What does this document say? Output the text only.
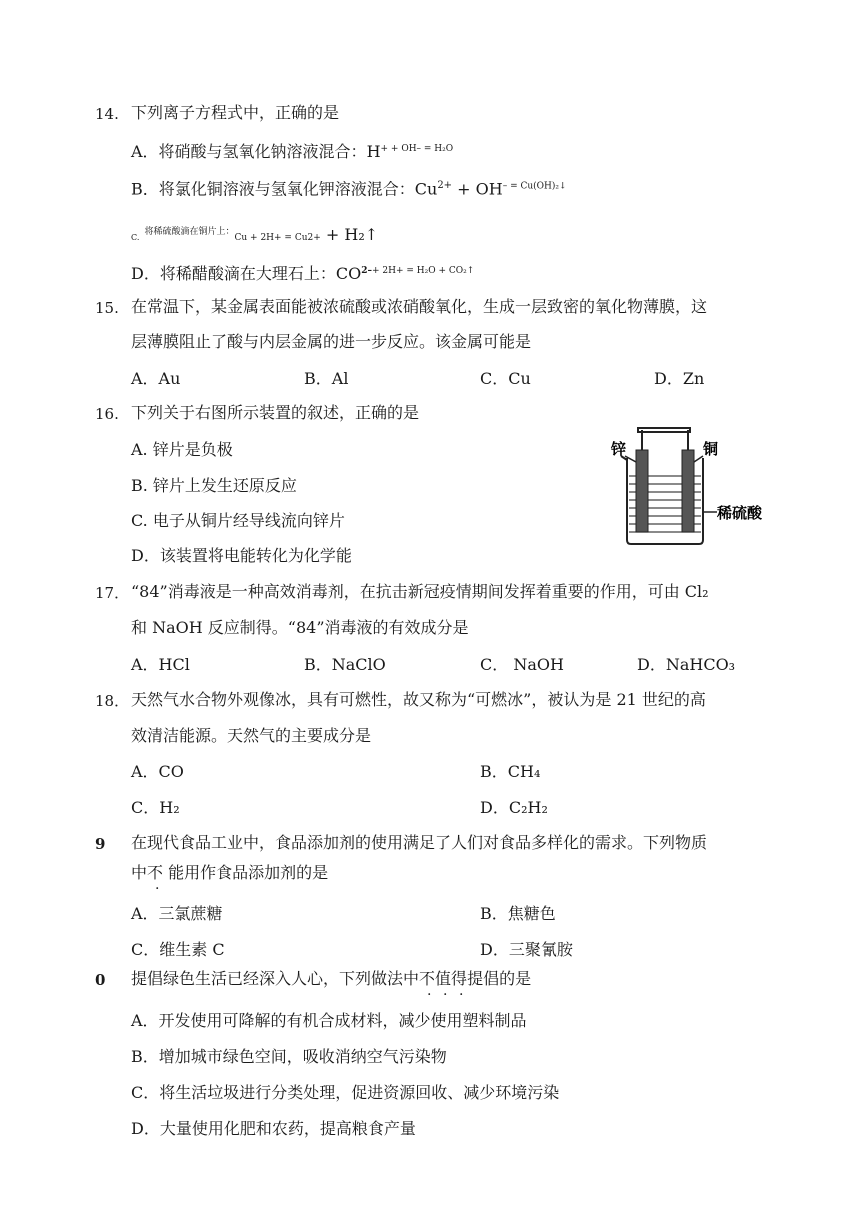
14. 下列离子方程式中，正确的是
A．将硝酸与氢氧化钠溶液混合：$H^{+ + OH- = H_2O}$
B．将氯化铜溶液与氢氧化钾溶液混合：$Cu^{2+} + OH^{- = Cu(OH)_2↓}$
C. $^{将稀硫酸滴在铜片上:}$Cu + 2H+ = Cu2+ + H₂↑
D．将稀醋酸滴在大理石上：$CO^{2-+ 2H+ = H_2O + CO_2↑}$
15. 在常温下，某金属表面能被浓硫酸或浓硝酸氧化，生成一层致密的氧化物薄膜，这
层薄膜阻止了酸与内层金属的进一步反应。该金属可能是
A．Au	B．Al	C．Cu	D．Zn
16. 下列关于右图所示装置的叙述，正确的是
A. 锌片是负极
B. 锌片上发生还原反应
C. 电子从铜片经导线流向锌片
D．该装置将电能转化为化学能
锌	铜
稀硫酸
17． “84”消毒液是一种高效消毒剂，在抗击新冠疫情期间发挥着重要的作用，可由 Cl₂
和 NaOH 反应制得。“84”消毒液的有效成分是
A．HCl	B．NaClO	C． NaOH	D．NaHCO₃
18． 天然气水合物外观像冰，具有可燃性，故又称为“可燃冰”，被认为是 21 世纪的高
效清洁能源。天然气的主要成分是
A．CO	B．CH₄
C．H₂	D．C₂H₂
9 在现代食品工业中，食品添加剂的使用满足了人们对食品多样化的需求。下列物质
中不 能用作食品添加剂的是
A．三氯蔗糖	B．焦糖色
C．维生素 C	D．三聚氰胺
0 提倡绿色生活已经深入人心，下列做法中不值得提倡的是
A．开发使用可降解的有机合成材料，减少使用塑料制品
B．增加城市绿色空间，吸收消纳空气污染物
C．将生活垃圾进行分类处理，促进资源回收、减少环境污染
D．大量使用化肥和农药，提高粮食产量
